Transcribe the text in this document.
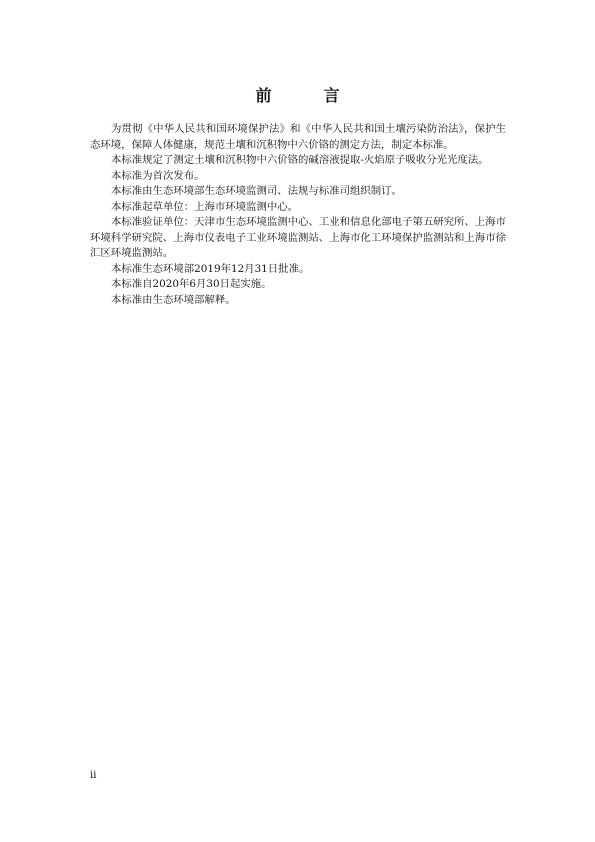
前　言

为贯彻《中华人民共和国环境保护法》和《中华人民共和国土壤污染防治法》，保护生态环境，保障人体健康，规范土壤和沉积物中六价铬的测定方法，制定本标准。

本标准规定了测定土壤和沉积物中六价铬的碱溶液提取-火焰原子吸收分光光度法。

本标准为首次发布。

本标准由生态环境部生态环境监测司、法规与标准司组织制订。

本标准起草单位：上海市环境监测中心。

本标准验证单位：天津市生态环境监测中心、工业和信息化部电子第五研究所、上海市环境科学研究院、上海市仪表电子工业环境监测站、上海市化工环境保护监测站和上海市徐汇区环境监测站。

本标准生态环境部2019年12月31日批准。

本标准自2020年6月30日起实施。

本标准由生态环境部解释。

ii
